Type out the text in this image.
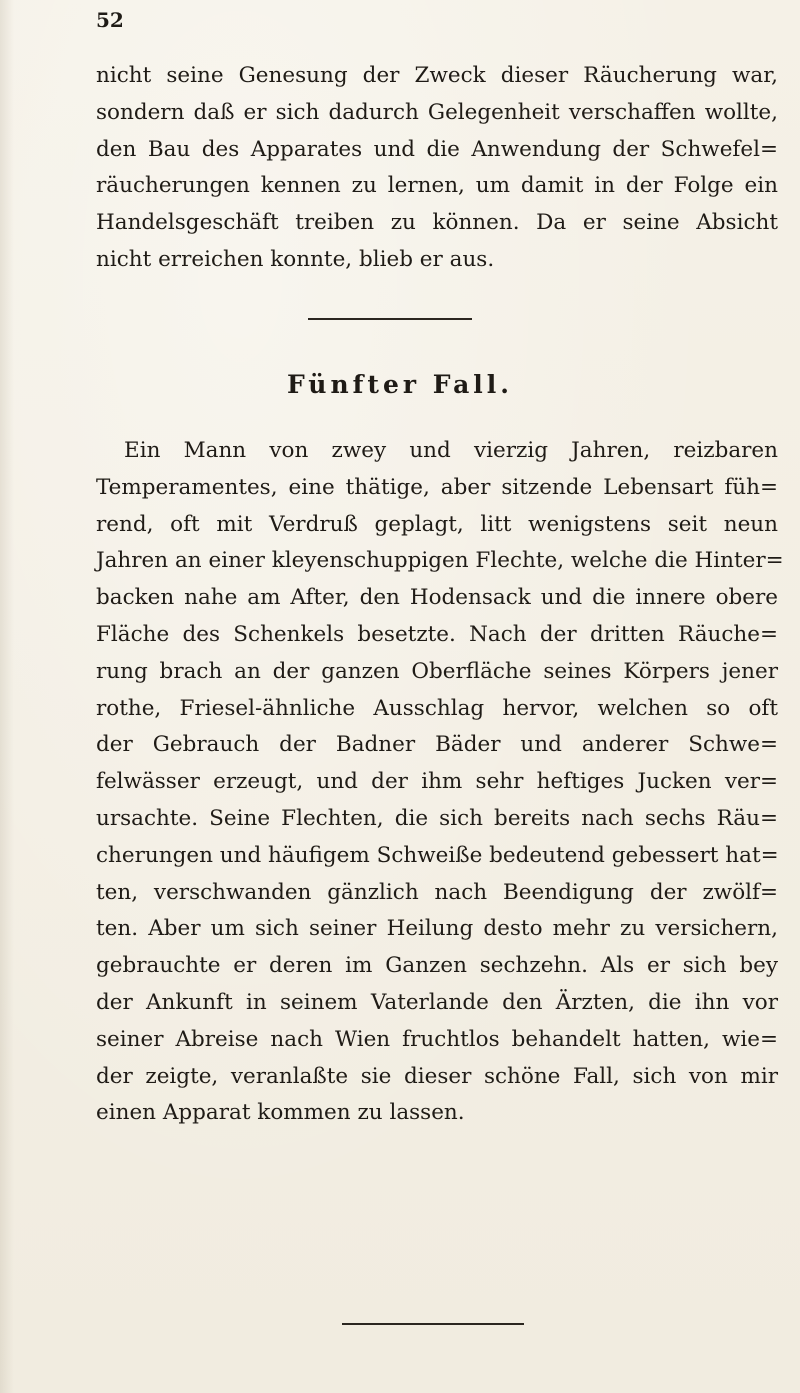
52
nicht seine Genesung der Zweck dieser Räucherung war,
sondern daß er sich dadurch Gelegenheit verschaffen wollte,
den Bau des Apparates und die Anwendung der Schwefel=
räucherungen kennen zu lernen, um damit in der Folge ein
Handelsgeschäft treiben zu können. Da er seine Absicht
nicht erreichen konnte, blieb er aus.
Fünfter Fall.
Ein Mann von zwey und vierzig Jahren, reizbaren
Temperamentes, eine thätige, aber sitzende Lebensart füh=
rend, oft mit Verdruß geplagt, litt wenigstens seit neun
Jahren an einer kleyenschuppigen Flechte, welche die Hinter=
backen nahe am After, den Hodensack und die innere obere
Fläche des Schenkels besetzte. Nach der dritten Räuche=
rung brach an der ganzen Oberfläche seines Körpers jener
rothe, Friesel-ähnliche Ausschlag hervor, welchen so oft
der Gebrauch der Badner Bäder und anderer Schwe=
felwässer erzeugt, und der ihm sehr heftiges Jucken ver=
ursachte. Seine Flechten, die sich bereits nach sechs Räu=
cherungen und häufigem Schweiße bedeutend gebessert hat=
ten, verschwanden gänzlich nach Beendigung der zwölf=
ten. Aber um sich seiner Heilung desto mehr zu versichern,
gebrauchte er deren im Ganzen sechzehn. Als er sich bey
der Ankunft in seinem Vaterlande den Ärzten, die ihn vor
seiner Abreise nach Wien fruchtlos behandelt hatten, wie=
der zeigte, veranlaßte sie dieser schöne Fall, sich von mir
einen Apparat kommen zu lassen.
